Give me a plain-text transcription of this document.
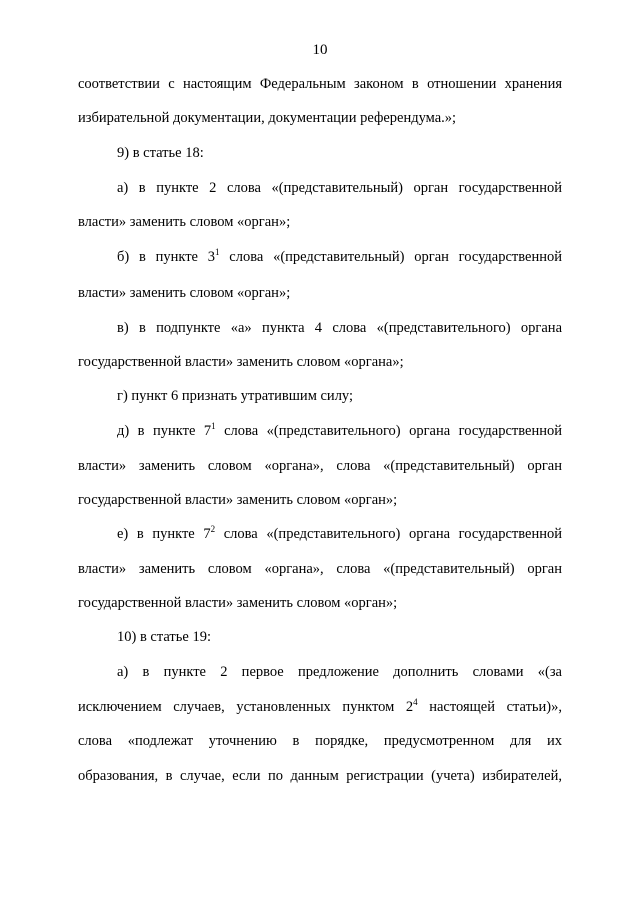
10
соответствии с настоящим Федеральным законом в отношении хранения
избирательной документации, документации референдума.»;
9) в статье 18:
а) в пункте 2 слова «(представительный) орган государственной
власти» заменить словом «орган»;
б) в пункте $3^1$ слова «(представительный) орган государственной
власти» заменить словом «орган»;
в) в подпункте «а» пункта 4 слова «(представительного) органа
государственной власти» заменить словом «органа»;
г) пункт 6 признать утратившим силу;
д) в пункте $7^1$ слова «(представительного) органа государственной
власти» заменить словом «органа», слова «(представительный) орган
государственной власти» заменить словом «орган»;
е) в пункте $7^2$ слова «(представительного) органа государственной
власти» заменить словом «органа», слова «(представительный) орган
государственной власти» заменить словом «орган»;
10) в статье 19:
а) в пункте 2 первое предложение дополнить словами «(за
исключением случаев, установленных пунктом $2^4$ настоящей статьи)»,
слова «подлежат уточнению в порядке, предусмотренном для их
образования, в случае, если по данным регистрации (учета) избирателей,
